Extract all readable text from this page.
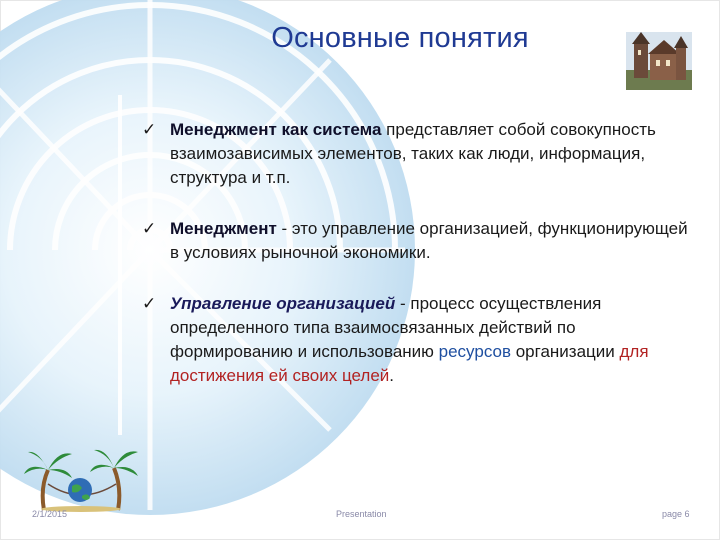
Основные понятия
✓ Менеджмент как система представляет собой совокупность взаимозависимых элементов, таких как люди, информация, структура и т.п.
✓ Менеджмент - это управление организацией, функционирующей в условиях рыночной экономики.
✓ Управление организацией - процесс осуществления определенного типа взаимосвязанных действий по формированию и использованию ресурсов организации для достижения ей своих целей.
2/1/2015	Presentation	page 6
